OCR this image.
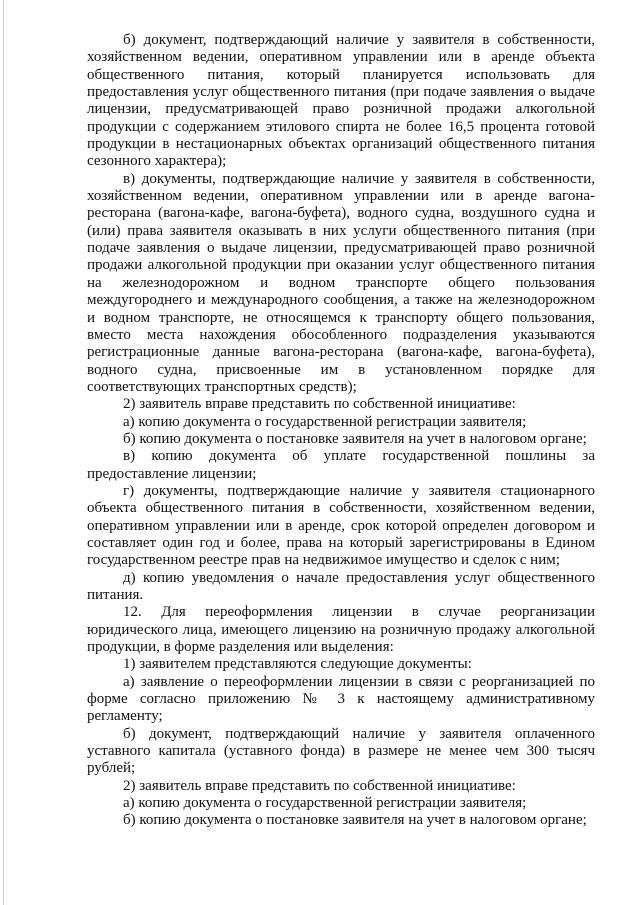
б) документ, подтверждающий наличие у заявителя в собственности, хозяйственном ведении, оперативном управлении или в аренде объекта общественного питания, который планируется использовать для предоставления услуг общественного питания (при подаче заявления о выдаче лицензии, предусматривающей право розничной продажи алкогольной продукции с содержанием этилового спирта не более 16,5 процента готовой продукции в нестационарных объектах организаций общественного питания сезонного характера);

в) документы, подтверждающие наличие у заявителя в собственности, хозяйственном ведении, оперативном управлении или в аренде вагона-ресторана (вагона-кафе, вагона-буфета), водного судна, воздушного судна и (или) права заявителя оказывать в них услуги общественного питания (при подаче заявления о выдаче лицензии, предусматривающей право розничной продажи алкогольной продукции при оказании услуг общественного питания на железнодорожном и водном транспорте общего пользования междугороднего и международного сообщения, а также на железнодорожном и водном транспорте, не относящемся к транспорту общего пользования, вместо места нахождения обособленного подразделения указываются регистрационные данные вагона-ресторана (вагона-кафе, вагона-буфета), водного судна, присвоенные им в установленном порядке для соответствующих транспортных средств);

2) заявитель вправе представить по собственной инициативе:

а) копию документа о государственной регистрации заявителя;

б) копию документа о постановке заявителя на учет в налоговом органе;

в) копию документа об уплате государственной пошлины за предоставление лицензии;

г) документы, подтверждающие наличие у заявителя стационарного объекта общественного питания в собственности, хозяйственном ведении, оперативном управлении или в аренде, срок которой определен договором и составляет один год и более, права на который зарегистрированы в Едином государственном реестре прав на недвижимое имущество и сделок с ним;

д) копию уведомления о начале предоставления услуг общественного питания.

12. Для переоформления лицензии в случае реорганизации юридического лица, имеющего лицензию на розничную продажу алкогольной продукции, в форме разделения или выделения:

1) заявителем представляются следующие документы:

а) заявление о переоформлении лицензии в связи с реорганизацией по форме согласно приложению № 3 к настоящему административному регламенту;

б) документ, подтверждающий наличие у заявителя оплаченного уставного капитала (уставного фонда) в размере не менее чем 300 тысяч рублей;

2) заявитель вправе представить по собственной инициативе:

а) копию документа о государственной регистрации заявителя;

б) копию документа о постановке заявителя на учет в налоговом органе;
